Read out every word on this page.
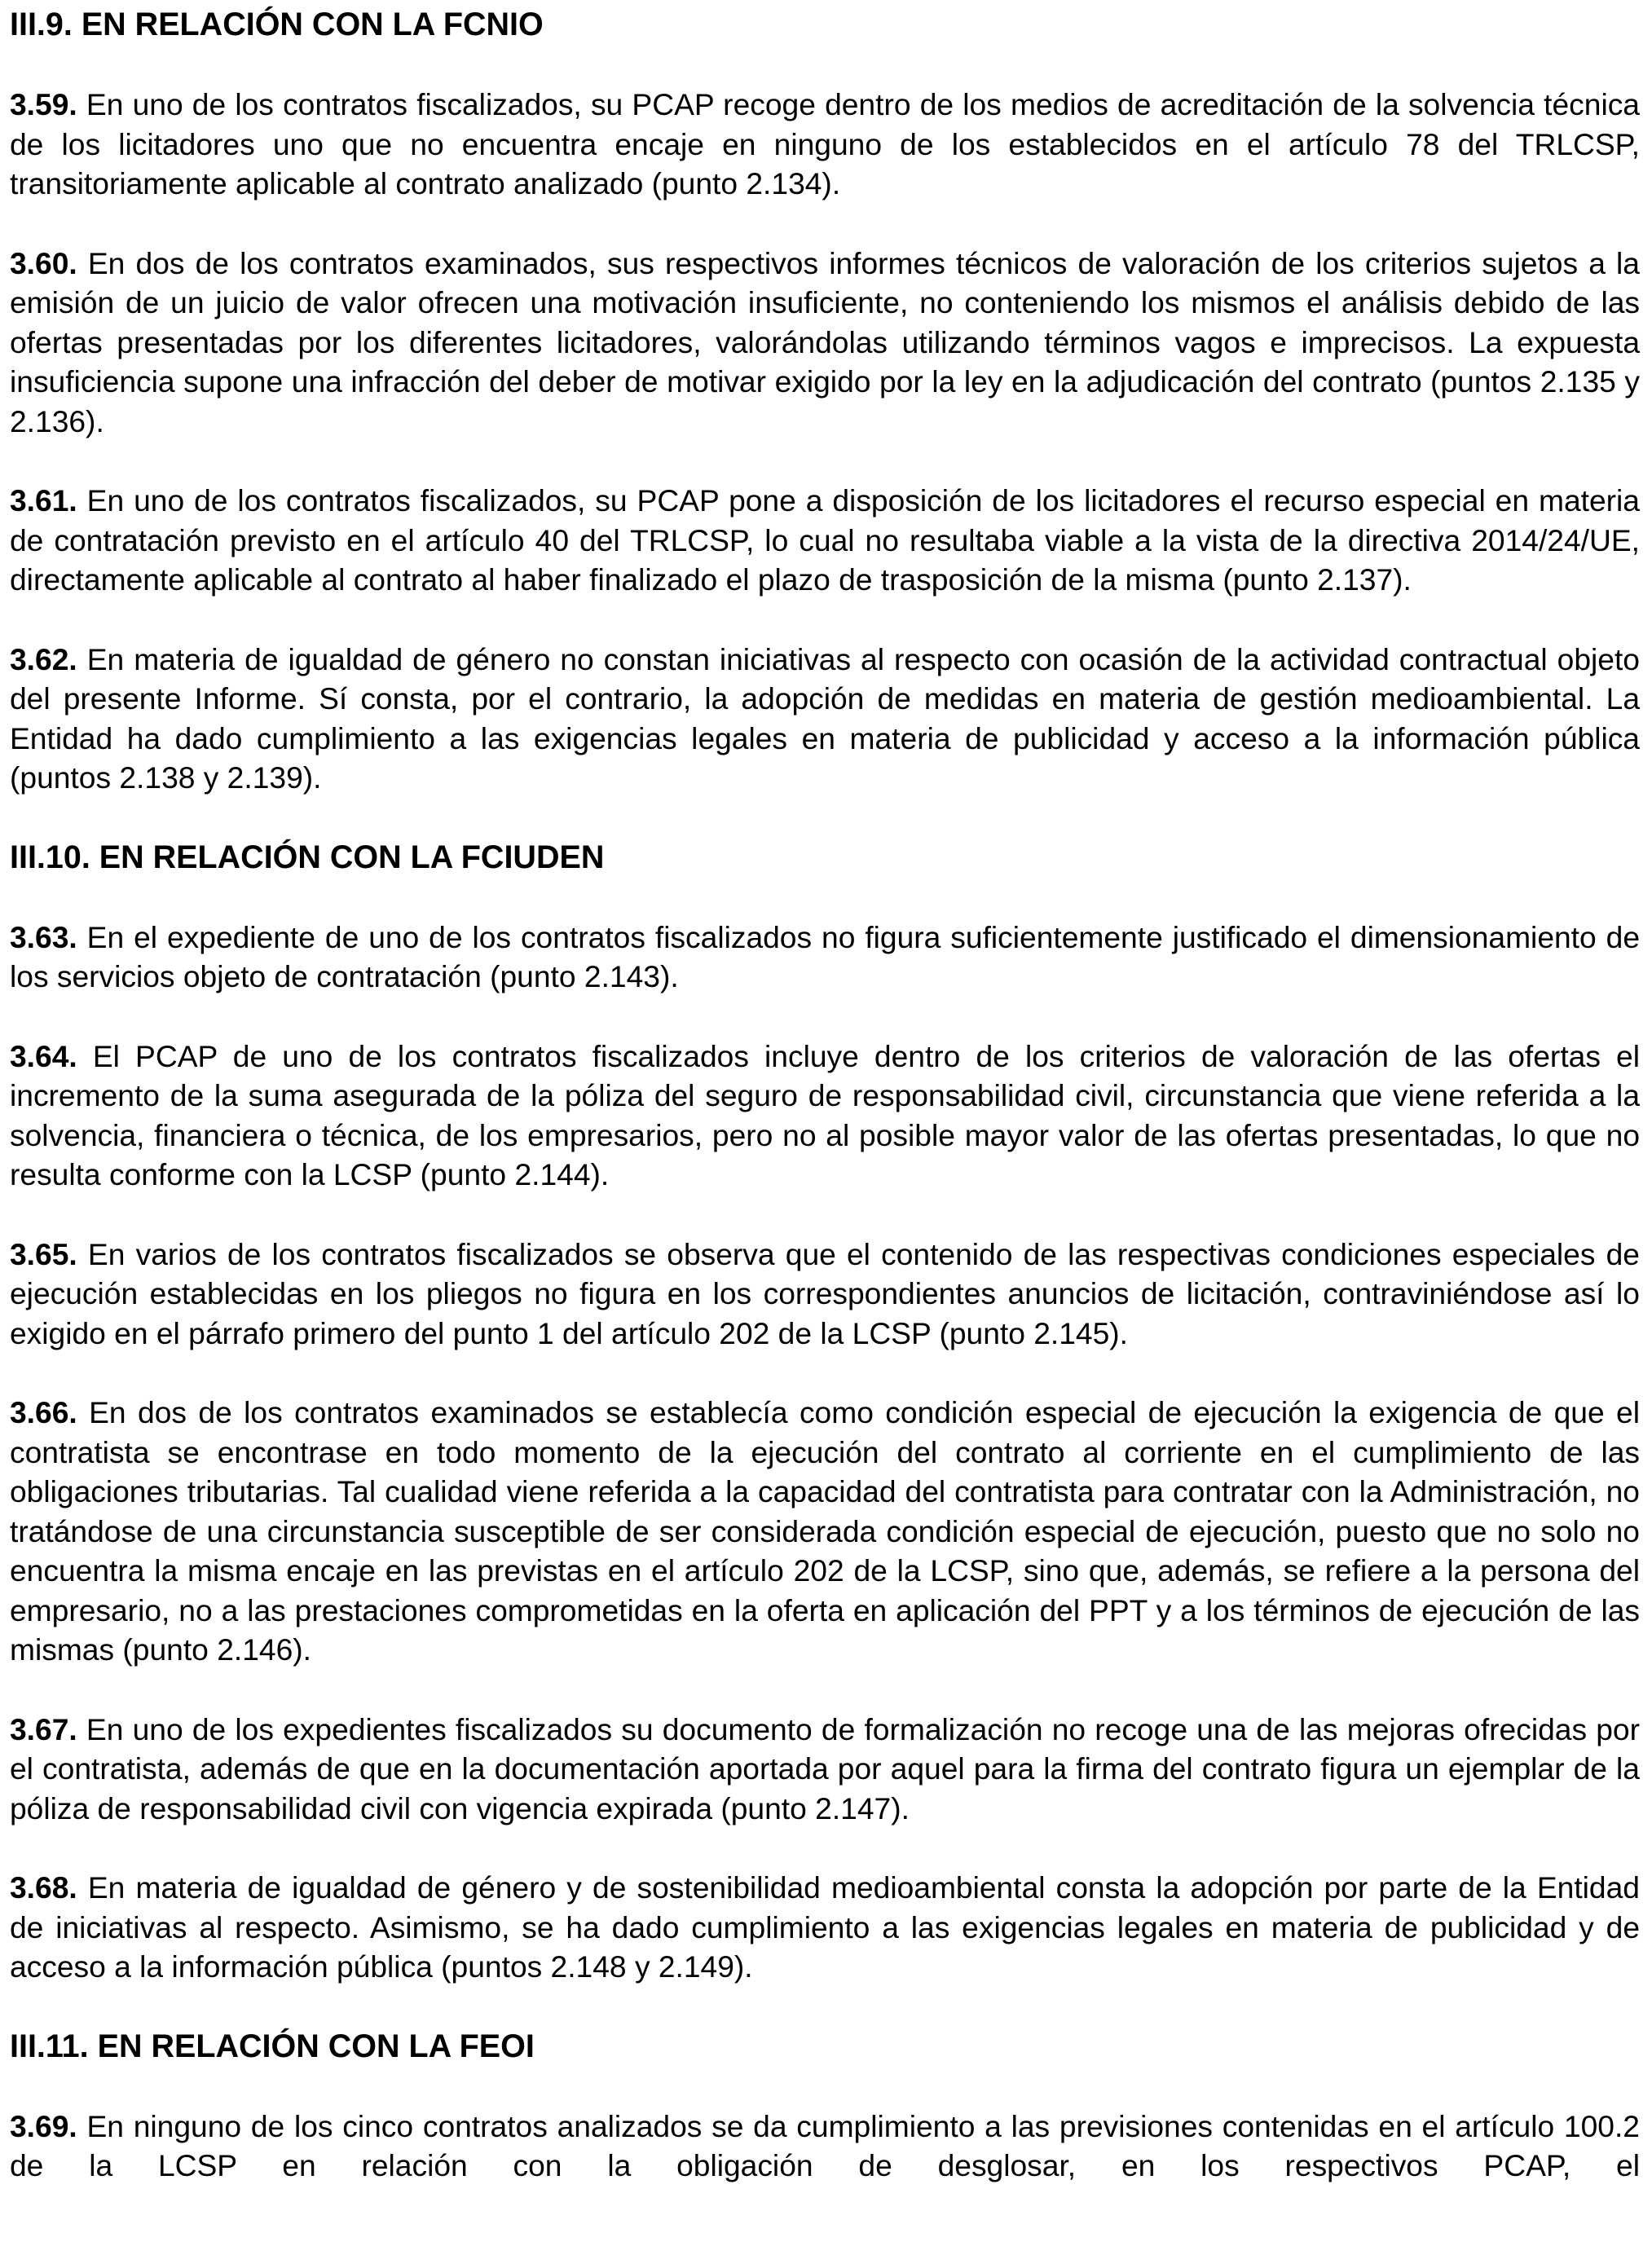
III.9. EN RELACIÓN CON LA FCNIO

3.59. En uno de los contratos fiscalizados, su PCAP recoge dentro de los medios de acreditación de la solvencia técnica de los licitadores uno que no encuentra encaje en ninguno de los establecidos en el artículo 78 del TRLCSP, transitoriamente aplicable al contrato analizado (punto 2.134).

3.60. En dos de los contratos examinados, sus respectivos informes técnicos de valoración de los criterios sujetos a la emisión de un juicio de valor ofrecen una motivación insuficiente, no conteniendo los mismos el análisis debido de las ofertas presentadas por los diferentes licitadores, valorándolas utilizando términos vagos e imprecisos. La expuesta insuficiencia supone una infracción del deber de motivar exigido por la ley en la adjudicación del contrato (puntos 2.135 y 2.136).

3.61. En uno de los contratos fiscalizados, su PCAP pone a disposición de los licitadores el recurso especial en materia de contratación previsto en el artículo 40 del TRLCSP, lo cual no resultaba viable a la vista de la directiva 2014/24/UE, directamente aplicable al contrato al haber finalizado el plazo de trasposición de la misma (punto 2.137).

3.62. En materia de igualdad de género no constan iniciativas al respecto con ocasión de la actividad contractual objeto del presente Informe. Sí consta, por el contrario, la adopción de medidas en materia de gestión medioambiental. La Entidad ha dado cumplimiento a las exigencias legales en materia de publicidad y acceso a la información pública (puntos 2.138 y 2.139).

III.10. EN RELACIÓN CON LA FCIUDEN

3.63. En el expediente de uno de los contratos fiscalizados no figura suficientemente justificado el dimensionamiento de los servicios objeto de contratación (punto 2.143).

3.64. El PCAP de uno de los contratos fiscalizados incluye dentro de los criterios de valoración de las ofertas el incremento de la suma asegurada de la póliza del seguro de responsabilidad civil, circunstancia que viene referida a la solvencia, financiera o técnica, de los empresarios, pero no al posible mayor valor de las ofertas presentadas, lo que no resulta conforme con la LCSP (punto 2.144).

3.65. En varios de los contratos fiscalizados se observa que el contenido de las respectivas condiciones especiales de ejecución establecidas en los pliegos no figura en los correspondientes anuncios de licitación, contraviniéndose así lo exigido en el párrafo primero del punto 1 del artículo 202 de la LCSP (punto 2.145).

3.66. En dos de los contratos examinados se establecía como condición especial de ejecución la exigencia de que el contratista se encontrase en todo momento de la ejecución del contrato al corriente en el cumplimiento de las obligaciones tributarias. Tal cualidad viene referida a la capacidad del contratista para contratar con la Administración, no tratándose de una circunstancia susceptible de ser considerada condición especial de ejecución, puesto que no solo no encuentra la misma encaje en las previstas en el artículo 202 de la LCSP, sino que, además, se refiere a la persona del empresario, no a las prestaciones comprometidas en la oferta en aplicación del PPT y a los términos de ejecución de las mismas (punto 2.146).

3.67. En uno de los expedientes fiscalizados su documento de formalización no recoge una de las mejoras ofrecidas por el contratista, además de que en la documentación aportada por aquel para la firma del contrato figura un ejemplar de la póliza de responsabilidad civil con vigencia expirada (punto 2.147).

3.68. En materia de igualdad de género y de sostenibilidad medioambiental consta la adopción por parte de la Entidad de iniciativas al respecto. Asimismo, se ha dado cumplimiento a las exigencias legales en materia de publicidad y de acceso a la información pública (puntos 2.148 y 2.149).

III.11. EN RELACIÓN CON LA FEOI

3.69. En ninguno de los cinco contratos analizados se da cumplimiento a las previsiones contenidas en el artículo 100.2 de la LCSP en relación con la obligación de desglosar, en los respectivos PCAP, el
